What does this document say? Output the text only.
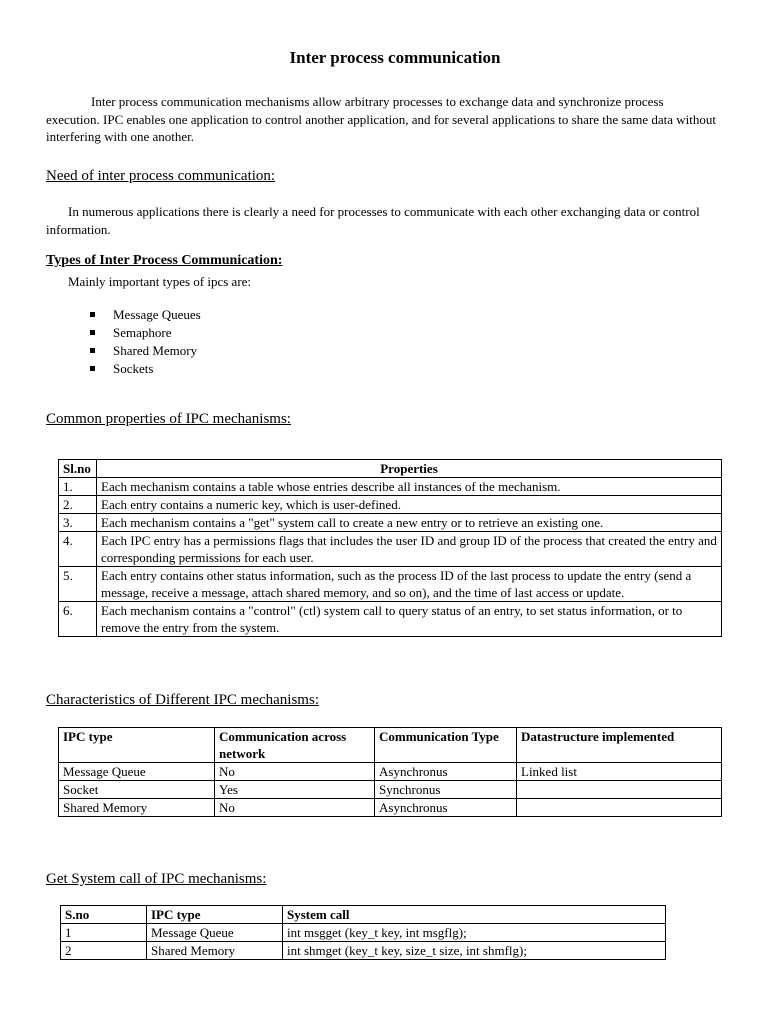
Inter process communication
Inter process communication mechanisms allow arbitrary processes to exchange data and synchronize process execution. IPC enables one application to control another application, and for several applications to share the same data without interfering with one another.
Need of inter process communication:
In numerous applications there is clearly a need for processes to communicate with each other exchanging data or control information.
Types of Inter Process Communication:
Mainly important types of ipcs are:
Message Queues
Semaphore
Shared Memory
Sockets
Common properties of IPC mechanisms:
Sl.no	Properties
1.	Each mechanism contains a table whose entries describe all instances of the mechanism.
2.	Each entry contains a numeric key, which is user-defined.
3.	Each mechanism contains a "get" system call to create a new entry or to retrieve an existing one.
4.	Each IPC entry has a permissions flags that includes the user ID and group ID of the process that created the entry and corresponding permissions for each user.
5.	Each entry contains other status information, such as the process ID of the last process to update the entry (send a message, receive a message, attach shared memory, and so on), and the time of last access or update.
6.	Each mechanism contains a "control" (ctl) system call to query status of an entry, to set status information, or to remove the entry from the system.
Characteristics of Different IPC mechanisms:
IPC type	Communication across network	Communication Type	Datastructure implemented
Message Queue	No	Asynchronus	Linked list
Socket	Yes	Synchronus	
Shared Memory	No	Asynchronus	
Get System call of IPC mechanisms:
S.no	IPC type	System call
1	Message Queue	int msgget (key_t key, int msgflg);
2	Shared Memory	int shmget (key_t key, size_t size, int shmflg);
